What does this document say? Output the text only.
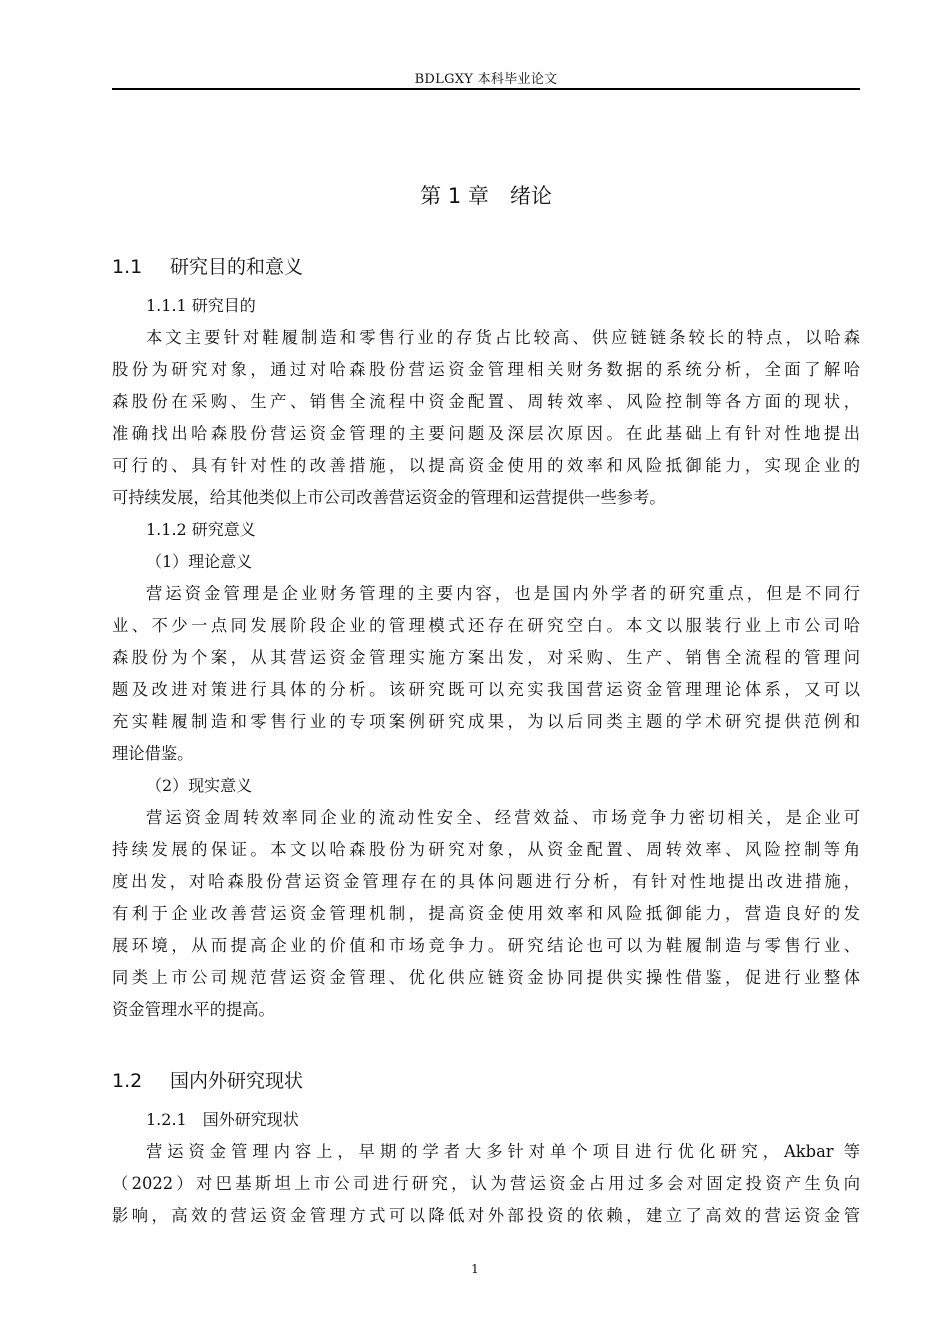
BDLGXY 本科毕业论文
第 1 章　绪论
1.1 研究目的和意义
1.1.1 研究目的
本文主要针对鞋履制造和零售行业的存货占比较高、供应链链条较长的特点，以哈森
股份为研究对象，通过对哈森股份营运资金管理相关财务数据的系统分析，全面了解哈
森股份在采购、生产、销售全流程中资金配置、周转效率、风险控制等各方面的现状，
准确找出哈森股份营运资金管理的主要问题及深层次原因。在此基础上有针对性地提出
可行的、具有针对性的改善措施，以提高资金使用的效率和风险抵御能力，实现企业的
可持续发展，给其他类似上市公司改善营运资金的管理和运营提供一些参考。
1.1.2 研究意义
（1）理论意义
营运资金管理是企业财务管理的主要内容，也是国内外学者的研究重点，但是不同行
业、不少一点同发展阶段企业的管理模式还存在研究空白。本文以服装行业上市公司哈
森股份为个案，从其营运资金管理实施方案出发，对采购、生产、销售全流程的管理问
题及改进对策进行具体的分析。该研究既可以充实我国营运资金管理理论体系，又可以
充实鞋履制造和零售行业的专项案例研究成果，为以后同类主题的学术研究提供范例和
理论借鉴。
（2）现实意义
营运资金周转效率同企业的流动性安全、经营效益、市场竞争力密切相关，是企业可
持续发展的保证。本文以哈森股份为研究对象，从资金配置、周转效率、风险控制等角
度出发，对哈森股份营运资金管理存在的具体问题进行分析，有针对性地提出改进措施，
有利于企业改善营运资金管理机制，提高资金使用效率和风险抵御能力，营造良好的发
展环境，从而提高企业的价值和市场竞争力。研究结论也可以为鞋履制造与零售行业、
同类上市公司规范营运资金管理、优化供应链资金协同提供实操性借鉴，促进行业整体
资金管理水平的提高。
1.2 国内外研究现状
1.2.1　国外研究现状
营运资金管理内容上，早期的学者大多针对单个项目进行优化研究，Akbar 等
（2022）对巴基斯坦上市公司进行研究，认为营运资金占用过多会对固定投资产生负向
影响，高效的营运资金管理方式可以降低对外部投资的依赖，建立了高效的营运资金管
1
